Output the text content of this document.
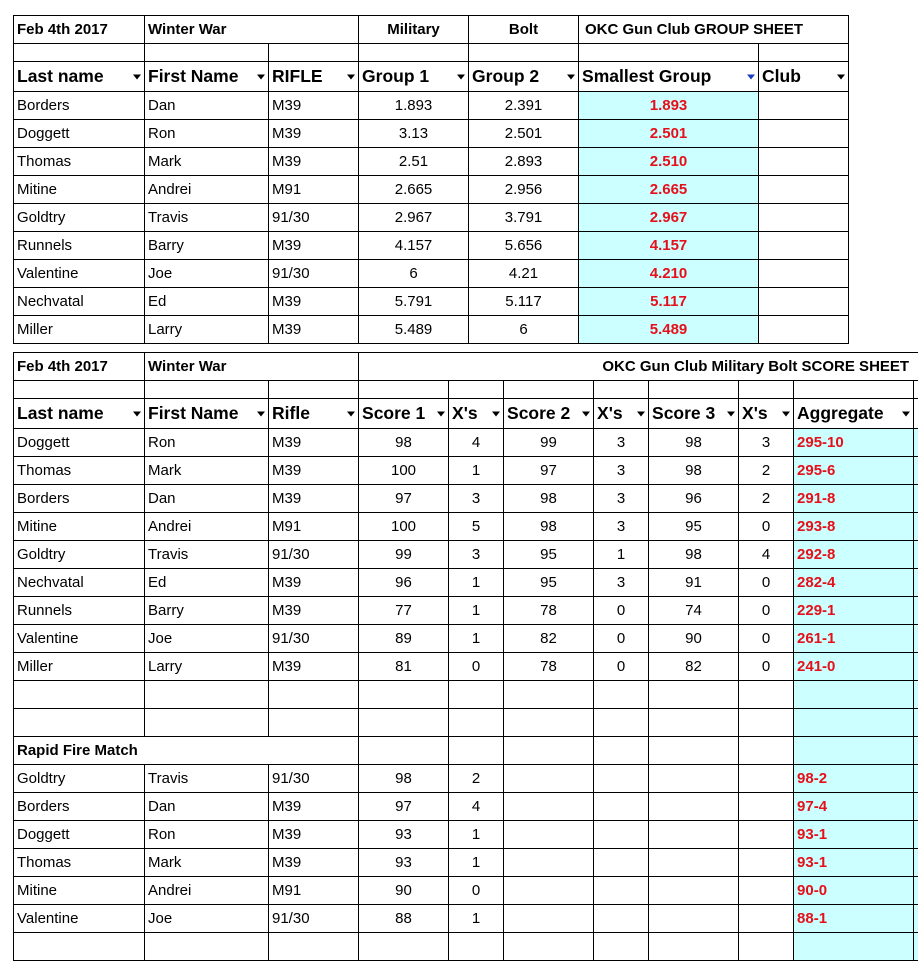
Feb 4th 2017	Winter War		Military	Bolt	OKC Gun Club GROUP SHEET	

Last name	First Name	RIFLE	Group 1	Group 2	Smallest Group	Club

Borders	Dan	M39	1.893	2.391	1.893	
Doggett	Ron	M39	3.13	2.501	2.501	
Thomas	Mark	M39	2.51	2.893	2.510	
Mitine	Andrei	M91	2.665	2.956	2.665	
Goldtry	Travis	91/30	2.967	3.791	2.967	
Runnels	Barry	M39	4.157	5.656	4.157	
Valentine	Joe	91/30	6	4.21	4.210	
Nechvatal	Ed	M39	5.791	5.117	5.117	
Miller	Larry	M39	5.489	6	5.489	
Feb 4th 2017	Winter War		OKC Gun Club Military Bolt SCORE SHEET							

Last name	First Name	Rifle	Score 1	X's	Score 2	X's	Score 3	X's	Aggregate	

Doggett	Ron	M39	98	4	99	3	98	3	295-10	
Thomas	Mark	M39	100	1	97	3	98	2	295-6	
Borders	Dan	M39	97	3	98	3	96	2	291-8	
Mitine	Andrei	M91	100	5	98	3	95	0	293-8	
Goldtry	Travis	91/30	99	3	95	1	98	4	292-8	
Nechvatal	Ed	M39	96	1	95	3	91	0	282-4	
Runnels	Barry	M39	77	1	78	0	74	0	229-1	
Valentine	Joe	91/30	89	1	82	0	90	0	261-1	
Miller	Larry	M39	81	0	78	0	82	0	241-0	

Rapid Fire Match										
Goldtry	Travis	91/30	98	2					98-2	
Borders	Dan	M39	97	4					97-4	
Doggett	Ron	M39	93	1					93-1	
Thomas	Mark	M39	93	1					93-1	
Mitine	Andrei	M91	90	0					90-0	
Valentine	Joe	91/30	88	1					88-1	
